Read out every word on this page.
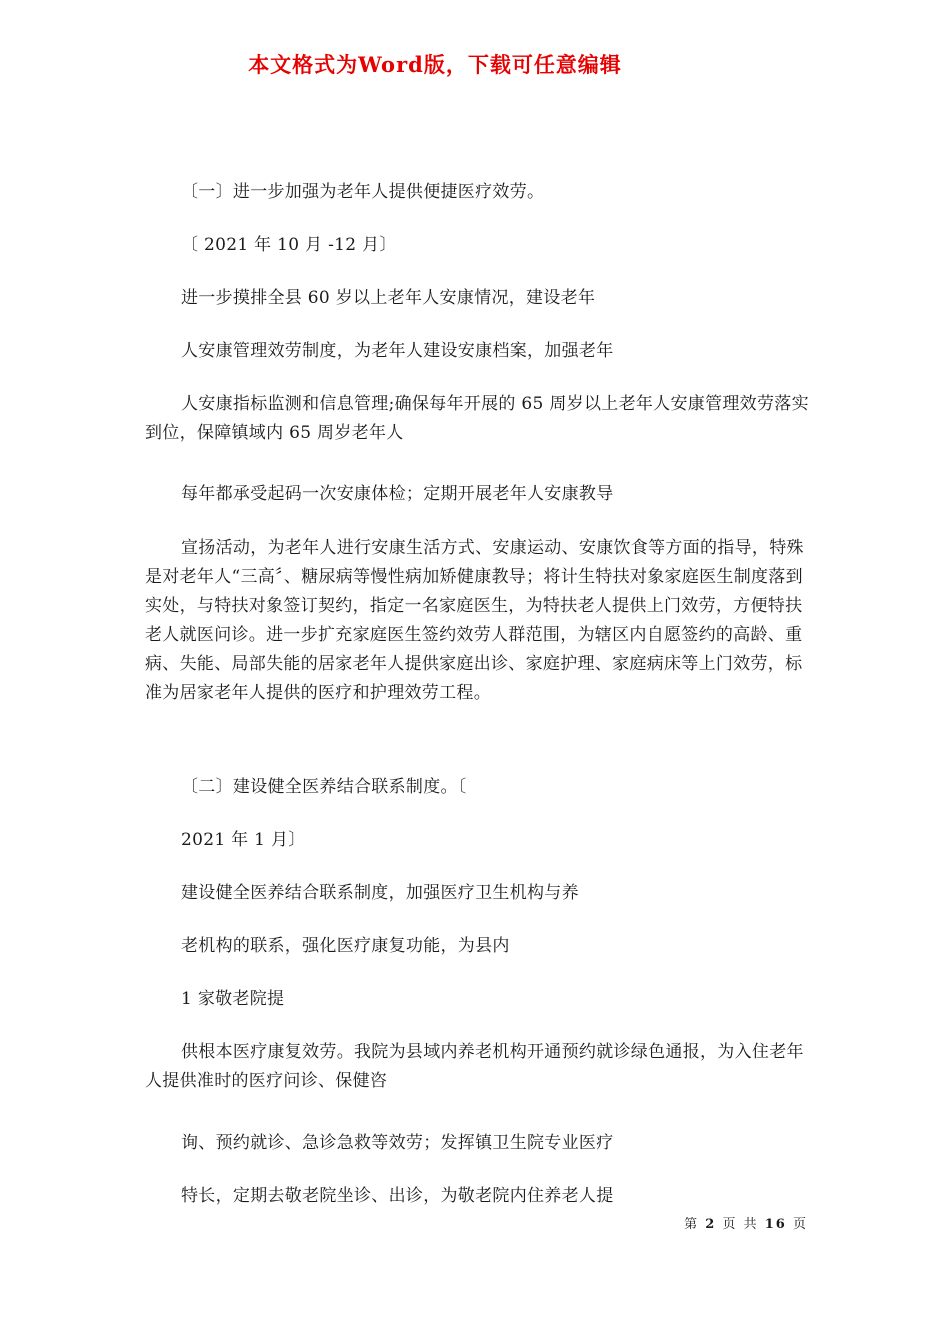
本文格式为Word版，下载可任意编辑
〔一〕进一步加强为老年人提供便捷医疗效劳。
〔 2021 年 10 月 -12 月〕
进一步摸排全县 60 岁以上老年人安康情况，建设老年
人安康管理效劳制度，为老年人建设安康档案，加强老年
人安康指标监测和信息管理;确保每年开展的 65 周岁以上老年人安康管理效劳落实到位，保障镇域内 65 周岁老年人
每年都承受起码一次安康体检；定期开展老年人安康教导
宣扬活动，为老年人进行安康生活方式、安康运动、安康饮食等方面的指导，特殊是对老年人“三高〞、糖尿病等慢性病加矫健康教导；将计生特扶对象家庭医生制度落到实处，与特扶对象签订契约，指定一名家庭医生，为特扶老人提供上门效劳，方便特扶老人就医问诊。进一步扩充家庭医生签约效劳人群范围，为辖区内自愿签约的高龄、重病、失能、局部失能的居家老年人提供家庭出诊、家庭护理、家庭病床等上门效劳，标准为居家老年人提供的医疗和护理效劳工程。
〔二〕建设健全医养结合联系制度。〔
2021 年 1 月〕
建设健全医养结合联系制度，加强医疗卫生机构与养
老机构的联系，强化医疗康复功能，为县内
1 家敬老院提
供根本医疗康复效劳。我院为县域内养老机构开通预约就诊绿色通报，为入住老年人提供准时的医疗问诊、保健咨
询、预约就诊、急诊急救等效劳；发挥镇卫生院专业医疗
特长，定期去敬老院坐诊、出诊，为敬老院内住养老人提
第 2 页 共 16 页
